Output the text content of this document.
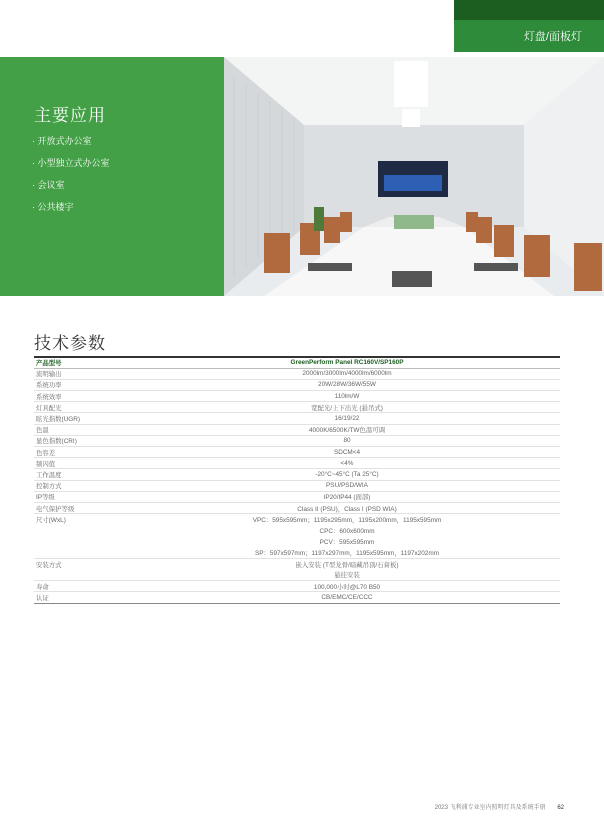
灯盘/面板灯
主要应用
· 开放式办公室
· 小型独立式办公室
· 会议室
· 公共楼宇
技术参数
产品型号	GreenPerform Panel RC160V/SP160P
流明输出	2000lm/3000lm/4000lm/6000lm
系统功率	20W/28W/36W/55W
系统效率	110lm/W
灯具配光	宽配光/上下出光 (悬吊式)
眩光指数(UGR)	16/19/22
色温	4000K/6500K/TW色温可调
显色指数(CRI)	80
色容差	SDCM<4
频闪值	<4%
工作温度	-20°C~45°C (Ta 25°C)
控制方式	PSU/PSD/WIA
IP等级	IP20/IP44 (面部)
电气保护等级	Class II (PSU)，Class I (PSD WIA)
尺寸(WxL)	VPC：595x595mm；1195x295mm，1195x200mm，1195x595mm
	CPC：600x600mm
	PCV：595x595mm
	SP：597x597mm；1197x297mm，1195x595mm，1197x202mm
安装方式	嵌入安装 (T型龙骨/暗藏吊顶/石膏板)
	悬挂安装
寿命	100,000小时@L70 B50
认证	CB/EMC/CE/CCC
2023 飞利浦专业室内照明灯具及系统手册 62
